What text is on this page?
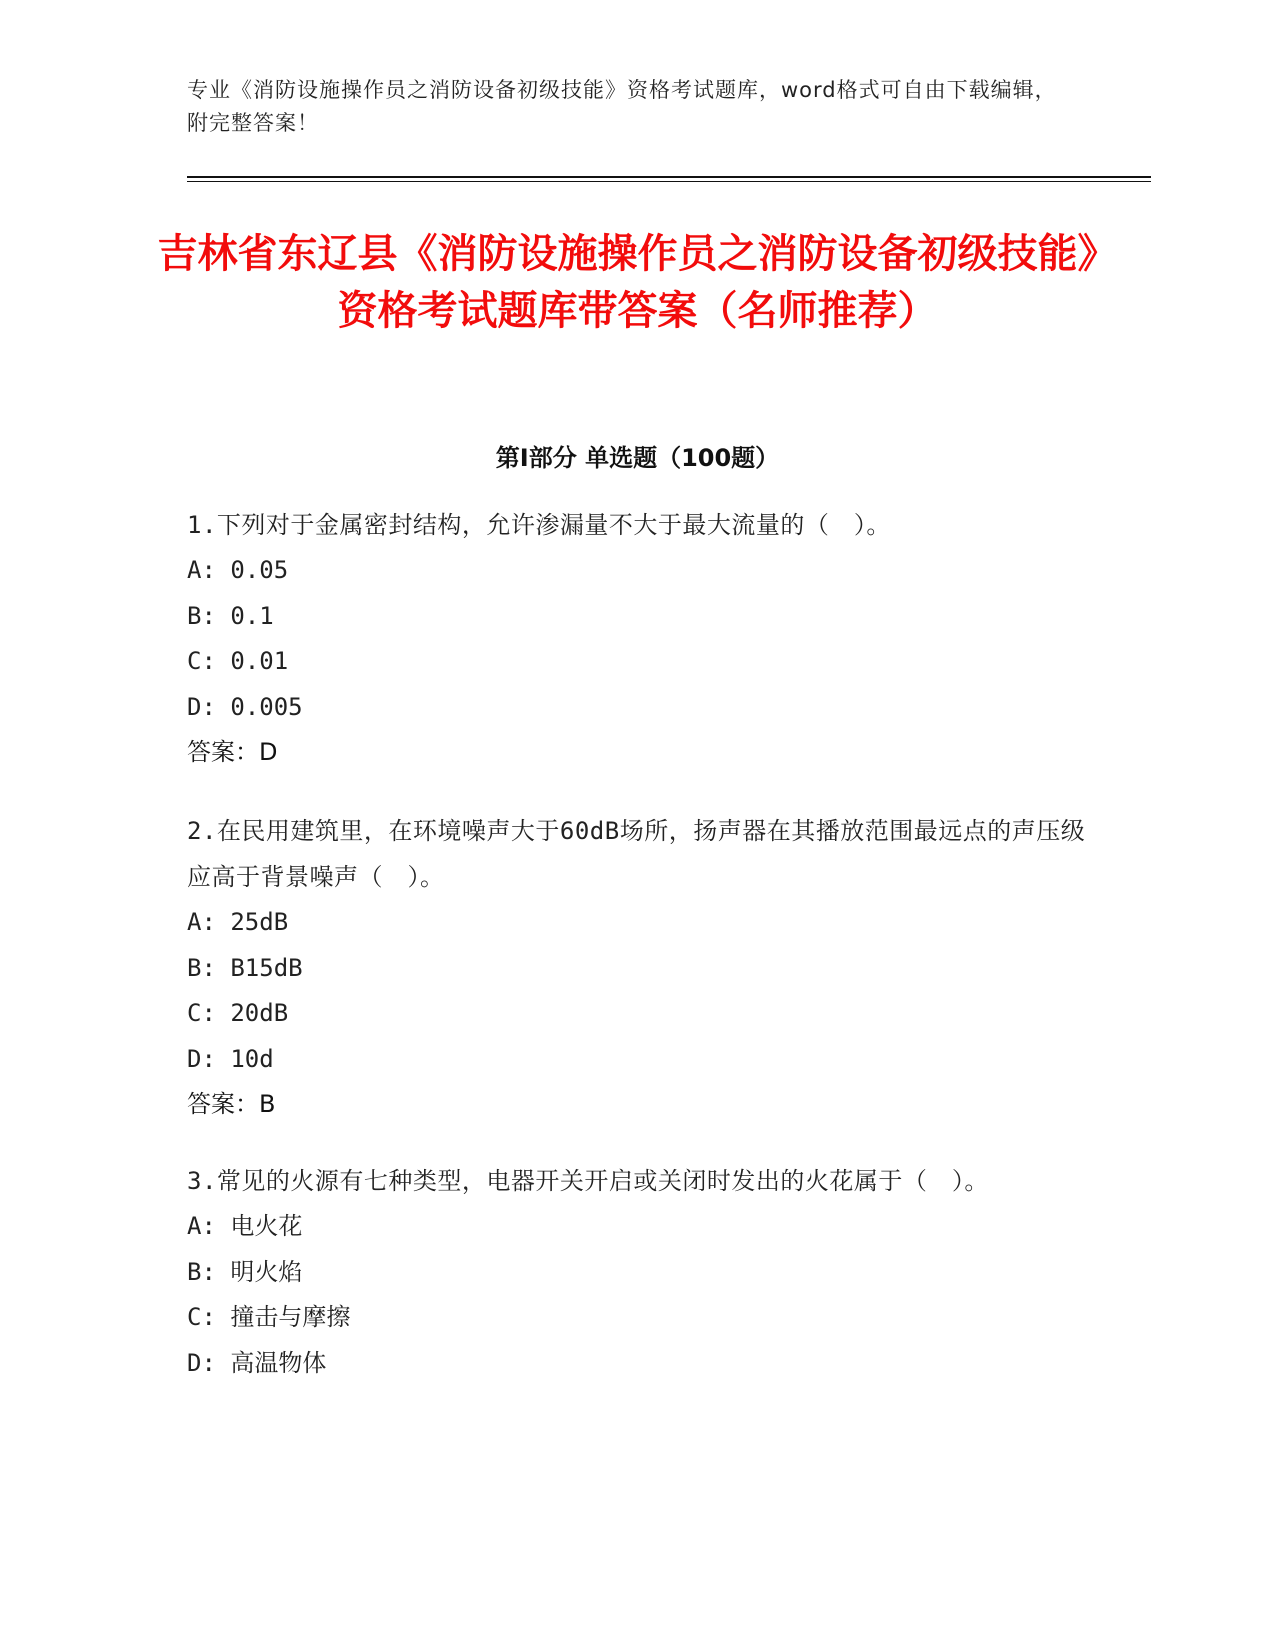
专业《消防设施操作员之消防设备初级技能》资格考试题库，word格式可自由下载编辑，附完整答案！
吉林省东辽县《消防设施操作员之消防设备初级技能》资格考试题库带答案（名师推荐）
第I部分 单选题（100题）
1.下列对于金属密封结构，允许渗漏量不大于最大流量的（　）。
A: 0.05
B: 0.1
C: 0.01
D: 0.005
答案：D
2.在民用建筑里，在环境噪声大于60dB场所，扬声器在其播放范围最远点的声压级应高于背景噪声（　）。
A: 25dB
B: B15dB
C: 20dB
D: 10d
答案：B
3.常见的火源有七种类型，电器开关开启或关闭时发出的火花属于（　）。
A: 电火花
B: 明火焰
C: 撞击与摩擦
D: 高温物体
